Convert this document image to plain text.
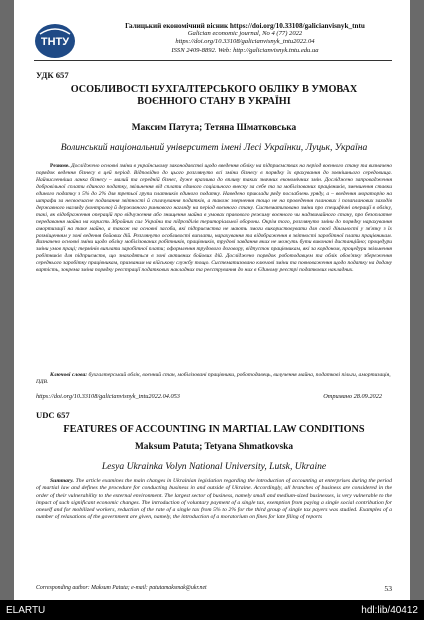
ТНТУ
Галицький економічний вісник https://doi.org/10.33108/galicianvisnyk_tntu
Galician economic journal, No 4 (77) 2022
https://doi.org/10.33108/galicianvisnyk_tntu2022.04
ISSN 2409-8892. Web: http://galicianvisnyk.tntu.edu.ua
УДК 657
ОСОБЛИВОСТІ БУХГАЛТЕРСЬКОГО ОБЛІКУ В УМОВАХ
ВОЄННОГО СТАНУ В УКРАЇНІ
Максим Патута; Тетяна Шматковська
Волинський національний університет імені Лесі Українки, Луцьк, Україна
Резюме. Досліджено основні зміни в українському законодавстві щодо введення обліку на підприємствах на період воєнного стану та визначено порядок ведення бізнесу в цей період. Відповідно до цього розглянуто всі зміни бізнесу в порядку їх врахування до зовнішнього середовища. Найчисленніша ланка бізнесу – малий та середній бізнес, дуже вразлива до впливу таких значних економічних змін. Досліджено запровадження добровільної сплати єдиного податку, звільнення від сплати єдиного соціального внеску за себе та за мобілізованих працівників, зменшення ставки єдиного податку з 5% до 2% для третьої групи платників єдиного податку. Наведено приклади ряду послаблень уряду, а – введення мораторію на штрафи за несвоєчасне подавання звітності й сплачування податків, а також звернення тощо не на проведення планових і позапланових заходів державного нагляду (контролю) й державного ринкового нагляду на період воєнного стану. Систематизовано зміни про специфічні операції в обліку, такі, як відображення операцій про відчуження або знищення майна в умовах правового режиму воєнного чи надзвичайного стану, про безоплатне передавання майна на користь Збройних сил України та підрозділів територіальної оборони. Окрім того, розглянуто зміни до порядку нарахування амортизації на таке майно, а також на основні засоби, які підприємства не мають змоги використовувати для своєї діяльності у зв'язку з їх розміщенням у зоні ведення бойових дій. Розглянуто особливості виплати, нарахування та відображення в звітності заробітної плати працівникам. Визначено основні зміни щодо обліку мобілізованих робітників, працівників, трудові завдання яких не можуть бути виконані дистанційно; процедури зміни умов праці; термінів виплати заробітної плати; оформлення трудового договору, відпусток працівникам, які за кордоном, процедури звільнення робітників для підприємств, що знаходяться в зоні активних бойових дій. Досліджено порядок роботодавцем та облік обов'язку збереження середнього заробітку працівникам, призваним на військову службу тощо. Систематизовано ключові зміни та повноваження щодо податку на додану вартість, зокрема зміна порядку реєстрації податкових накладних та реєстрування до них в Єдиному реєстрі податкових накладних.
Ключові слова: бухгалтерський облік, воєнний стан, мобілізовані працівники, роботодавець, вилучення майна, податкові пільги, амортизація, ПДВ.
https://doi.org/10.33108/galicianvisnyk_tntu2022.04.053	Отримано 28.09.2022
UDC 657
FEATURES OF ACCOUNTING IN MARTIAL LAW CONDITIONS
Maksum Patuta; Tetyana Shmatkovska
Lesya Ukrainka Volyn National University, Lutsk, Ukraine
Summary. The article examines the main changes in Ukrainian legislation regarding the introduction of accounting at enterprises during the period of martial law and defines the procedure for conducting business in and outside of Ukraine. Accordingly, all branches of business are considered in the order of their vulnerability to the external environment. The largest sector of business, namely small and medium-sized businesses, is very vulnerable to the impact of such significant economic changes. The introduction of voluntary payment of a single tax, exemption from paying a single social contribution for oneself and for mobilized workers, reduction of the rate of a single tax from 5% to 2% for the third group of single tax payers was studied. Examples of a number of relaxations of the government are given, namely, the introduction of a moratorium on fines for late filing of reports
Corresponding author: Maksum Patuta; e-mail: patutamaksmak@ukr.net	53
ELARTU	hdl:lib/40412
